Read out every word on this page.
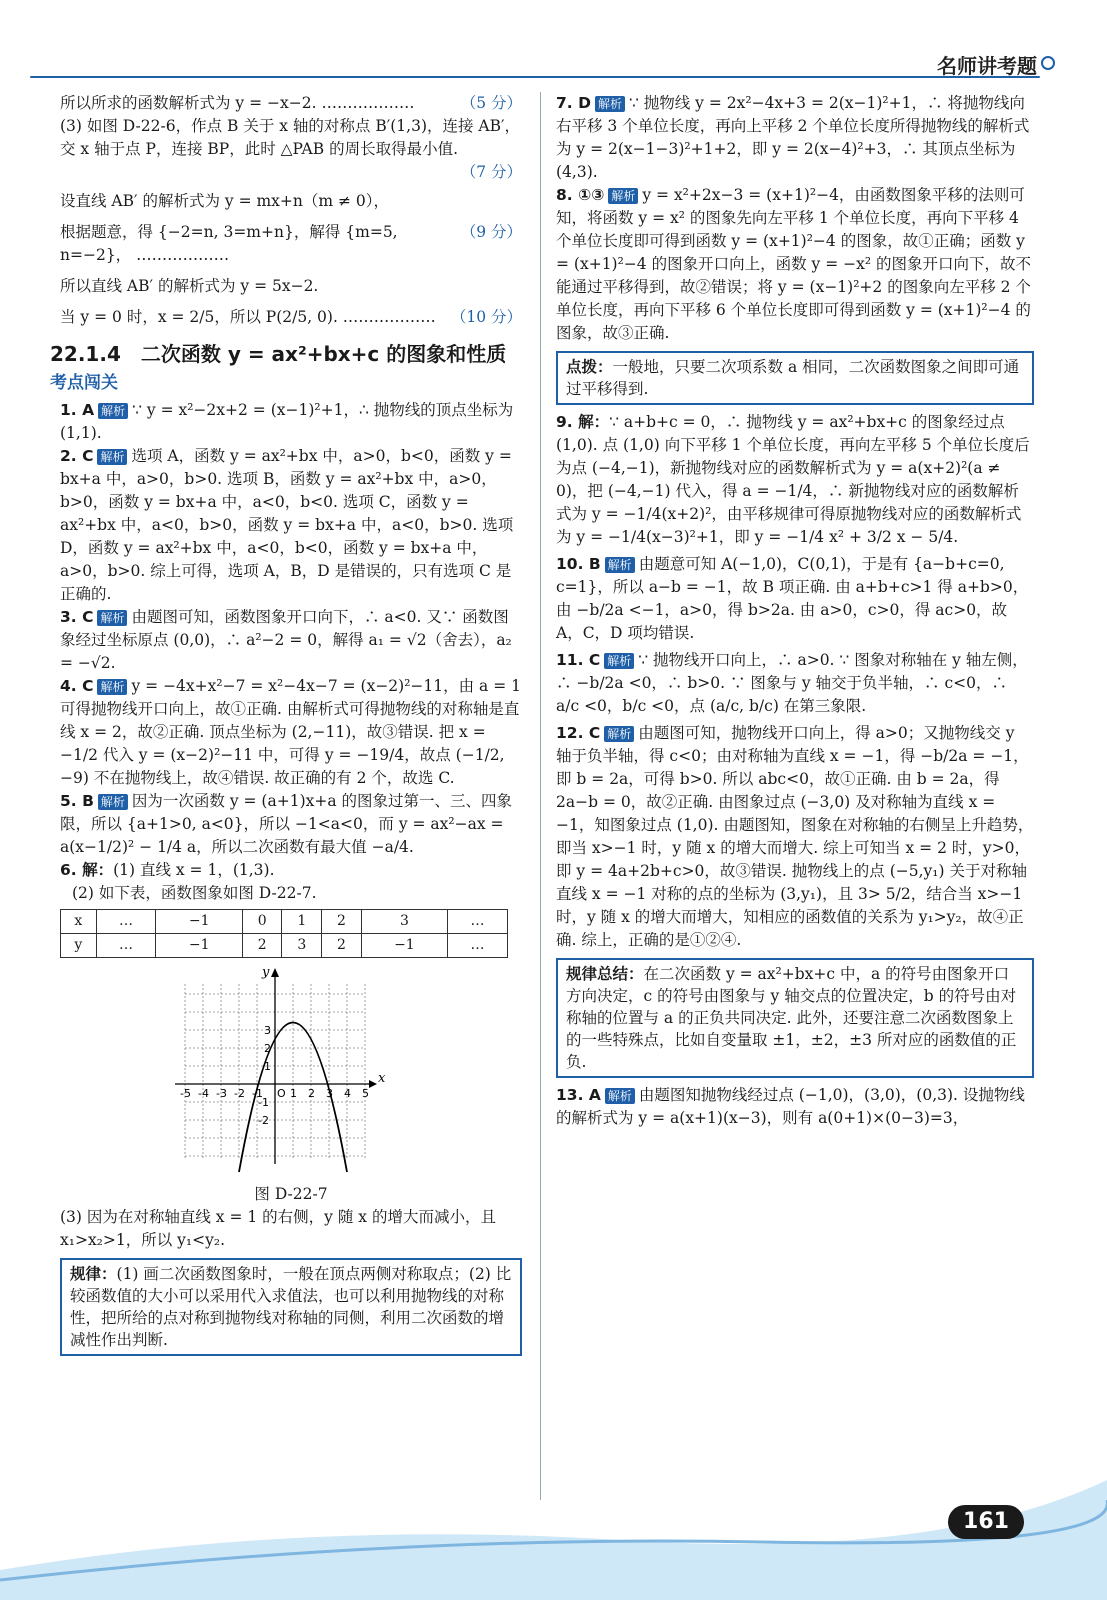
名师讲考题
（5 分）
所以所求的函数解析式为 y = −x−2. ………………
(3) 如图 D-22-6，作点 B 关于 x 轴的对称点 B′(1,3)，连接 AB′，交 x 轴于点 P，连接 BP，此时 △PAB 的周长取得最小值.
（7 分）
设直线 AB′ 的解析式为 y = mx+n（m ≠ 0），
（9 分）
根据题意，得 {−2=n, 3=m+n}，解得 {m=5, n=−2}， ………………
所以直线 AB′ 的解析式为 y = 5x−2.
（10 分）
当 y = 0 时，x = 2/5，所以 P(2/5, 0). ………………
22.1.4　二次函数 y = ax²+bx+c 的图象和性质
考点闯关
1. A 解析 ∵ y = x²−2x+2 = (x−1)²+1，∴ 抛物线的顶点坐标为 (1,1).
2. C 解析 选项 A，函数 y = ax²+bx 中，a>0，b<0，函数 y = bx+a 中，a>0，b>0. 选项 B，函数 y = ax²+bx 中，a>0，b>0，函数 y = bx+a 中，a<0，b<0. 选项 C，函数 y = ax²+bx 中，a<0，b>0，函数 y = bx+a 中，a<0，b>0. 选项 D，函数 y = ax²+bx 中，a<0，b<0，函数 y = bx+a 中，a>0，b>0. 综上可得，选项 A，B，D 是错误的，只有选项 C 是正确的.
3. C 解析 由题图可知，函数图象开口向下，∴ a<0. 又∵ 函数图象经过坐标原点 (0,0)，∴ a²−2 = 0，解得 a₁ = √2（舍去），a₂ = −√2.
4. C 解析 y = −4x+x²−7 = x²−4x−7 = (x−2)²−11，由 a = 1 可得抛物线开口向上，故①正确. 由解析式可得抛物线的对称轴是直线 x = 2，故②正确. 顶点坐标为 (2,−11)，故③错误. 把 x = −1/2 代入 y = (x−2)²−11 中，可得 y = −19/4，故点 (−1/2, −9) 不在抛物线上，故④错误. 故正确的有 2 个，故选 C.
5. B 解析 因为一次函数 y = (a+1)x+a 的图象过第一、三、四象限，所以 {a+1>0, a<0}，所以 −1<a<0，而 y = ax²−ax = a(x−1/2)² − 1/4 a，所以二次函数有最大值 −a/4.
6. 解：(1) 直线 x = 1，(1,3).
(2) 如下表，函数图象如图 D-22-7.
x	…	−1	0	1	2	3	…
y	…	−1	2	3	2	−1	…
y
x
O
-5 -4 -3 -2 -1 1 2 3 4 5
3
2
1
-1
-2
图 D-22-7
(3) 因为在对称轴直线 x = 1 的右侧，y 随 x 的增大而减小，且 x₁>x₂>1，所以 y₁<y₂.
规律：(1) 画二次函数图象时，一般在顶点两侧对称取点；(2) 比较函数值的大小可以采用代入求值法，也可以利用抛物线的对称性，把所给的点对称到抛物线对称轴的同侧，利用二次函数的增减性作出判断.
7. D 解析 ∵ 抛物线 y = 2x²−4x+3 = 2(x−1)²+1，∴ 将抛物线向右平移 3 个单位长度，再向上平移 2 个单位长度所得抛物线的解析式为 y = 2(x−1−3)²+1+2，即 y = 2(x−4)²+3，∴ 其顶点坐标为 (4,3).
8. ①③ 解析 y = x²+2x−3 = (x+1)²−4，由函数图象平移的法则可知，将函数 y = x² 的图象先向左平移 1 个单位长度，再向下平移 4 个单位长度即可得到函数 y = (x+1)²−4 的图象，故①正确；函数 y = (x+1)²−4 的图象开口向上，函数 y = −x² 的图象开口向下，故不能通过平移得到，故②错误；将 y = (x−1)²+2 的图象向左平移 2 个单位长度，再向下平移 6 个单位长度即可得到函数 y = (x+1)²−4 的图象，故③正确.
点拨：一般地，只要二次项系数 a 相同，二次函数图象之间即可通过平移得到.
9. 解：∵ a+b+c = 0，∴ 抛物线 y = ax²+bx+c 的图象经过点 (1,0). 点 (1,0) 向下平移 1 个单位长度，再向左平移 5 个单位长度后为点 (−4,−1)，新抛物线对应的函数解析式为 y = a(x+2)²(a ≠ 0)，把 (−4,−1) 代入，得 a = −1/4，∴ 新抛物线对应的函数解析式为 y = −1/4(x+2)²，由平移规律可得原抛物线对应的函数解析式为 y = −1/4(x−3)²+1，即 y = −1/4 x² + 3/2 x − 5/4.
10. B 解析 由题意可知 A(−1,0)，C(0,1)，于是有 {a−b+c=0, c=1}，所以 a−b = −1，故 B 项正确. 由 a+b+c>1 得 a+b>0，由 −b/2a <−1，a>0，得 b>2a. 由 a>0，c>0，得 ac>0，故 A，C，D 项均错误.
11. C 解析 ∵ 抛物线开口向上，∴ a>0. ∵ 图象对称轴在 y 轴左侧，∴ −b/2a <0，∴ b>0. ∵ 图象与 y 轴交于负半轴，∴ c<0，∴ a/c <0，b/c <0，点 (a/c, b/c) 在第三象限.
12. C 解析 由题图可知，抛物线开口向上，得 a>0；又抛物线交 y 轴于负半轴，得 c<0；由对称轴为直线 x = −1，得 −b/2a = −1，即 b = 2a，可得 b>0. 所以 abc<0，故①正确. 由 b = 2a，得 2a−b = 0，故②正确. 由图象过点 (−3,0) 及对称轴为直线 x = −1，知图象过点 (1,0). 由题图知，图象在对称轴的右侧呈上升趋势，即当 x>−1 时，y 随 x 的增大而增大. 综上可知当 x = 2 时，y>0，即 y = 4a+2b+c>0，故③错误. 抛物线上的点 (−5,y₁) 关于对称轴直线 x = −1 对称的点的坐标为 (3,y₁)，且 3> 5/2，结合当 x>−1 时，y 随 x 的增大而增大，知相应的函数值的关系为 y₁>y₂，故④正确. 综上，正确的是①②④.
规律总结：在二次函数 y = ax²+bx+c 中，a 的符号由图象开口方向决定，c 的符号由图象与 y 轴交点的位置决定，b 的符号由对称轴的位置与 a 的正负共同决定. 此外，还要注意二次函数图象上的一些特殊点，比如自变量取 ±1，±2，±3 所对应的函数值的正负.
13. A 解析 由题图知抛物线经过点 (−1,0)，(3,0)，(0,3). 设抛物线的解析式为 y = a(x+1)(x−3)，则有 a(0+1)×(0−3)=3，
161
